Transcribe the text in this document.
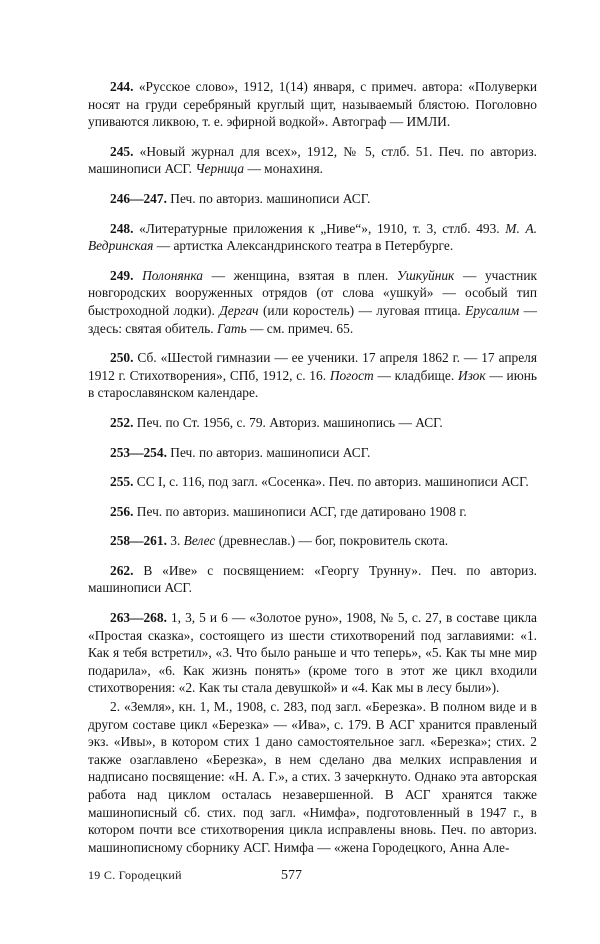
244. «Русское слово», 1912, 1(14) января, с примеч. автора: «Полуверки носят на груди серебряный круглый щит, называемый блястою. Поголовно упиваются ликвою, т. е. эфирной водкой». Автограф — ИМЛИ.

245. «Новый журнал для всех», 1912, № 5, стлб. 51. Печ. по авториз. машинописи АСГ. Черница — монахиня.

246—247. Печ. по авториз. машинописи АСГ.

248. «Литературные приложения к „Ниве“», 1910, т. 3, стлб. 493. М. А. Ведринская — артистка Александринского театра в Петербурге.

249. Полонянка — женщина, взятая в плен. Ушкуйник — участник новгородских вооруженных отрядов (от слова «ушкуй» — особый тип быстроходной лодки). Дергач (или коростель) — луговая птица. Ерусалим — здесь: святая обитель. Гать — см. примеч. 65.

250. Сб. «Шестой гимназии — ее ученики. 17 апреля 1862 г. — 17 апреля 1912 г. Стихотворения», СПб, 1912, с. 16. Погост — кладбище. Изок — июнь в старославянском календаре.

252. Печ. по Ст. 1956, с. 79. Авториз. машинопись — АСГ.

253—254. Печ. по авториз. машинописи АСГ.

255. СС I, с. 116, под загл. «Сосенка». Печ. по авториз. машинописи АСГ.

256. Печ. по авториз. машинописи АСГ, где датировано 1908 г.

258—261. 3. Велес (древнеслав.) — бог, покровитель скота.

262. В «Иве» с посвящением: «Георгу Трунну». Печ. по авториз. машинописи АСГ.

263—268. 1, 3, 5 и 6 — «Золотое руно», 1908, № 5, с. 27, в составе цикла «Простая сказка», состоящего из шести стихотворений под заглавиями: «1. Как я тебя встретил», «3. Что было раньше и что теперь», «5. Как ты мне мир подарила», «6. Как жизнь понять» (кроме того в этот же цикл входили стихотворения: «2. Как ты стала девушкой» и «4. Как мы в лесу были»).

2. «Земля», кн. 1, М., 1908, с. 283, под загл. «Березка». В полном виде и в другом составе цикл «Березка» — «Ива», с. 179. В АСГ хранится правленый экз. «Ивы», в котором стих 1 дано самостоятельное загл. «Березка»; стих. 2 также озаглавлено «Березка», в нем сделано два мелких исправления и надписано посвящение: «Н. А. Г.», а стих. 3 зачеркнуто. Однако эта авторская работа над циклом осталась незавершенной. В АСГ хранятся также машинописный сб. стих. под загл. «Нимфа», подготовленный в 1947 г., в котором почти все стихотворения цикла исправлены вновь. Печ. по авториз. машинописному сборнику АСГ. Нимфа — «жена Городецкого, Анна Але-

19 С. Городецкий	577
